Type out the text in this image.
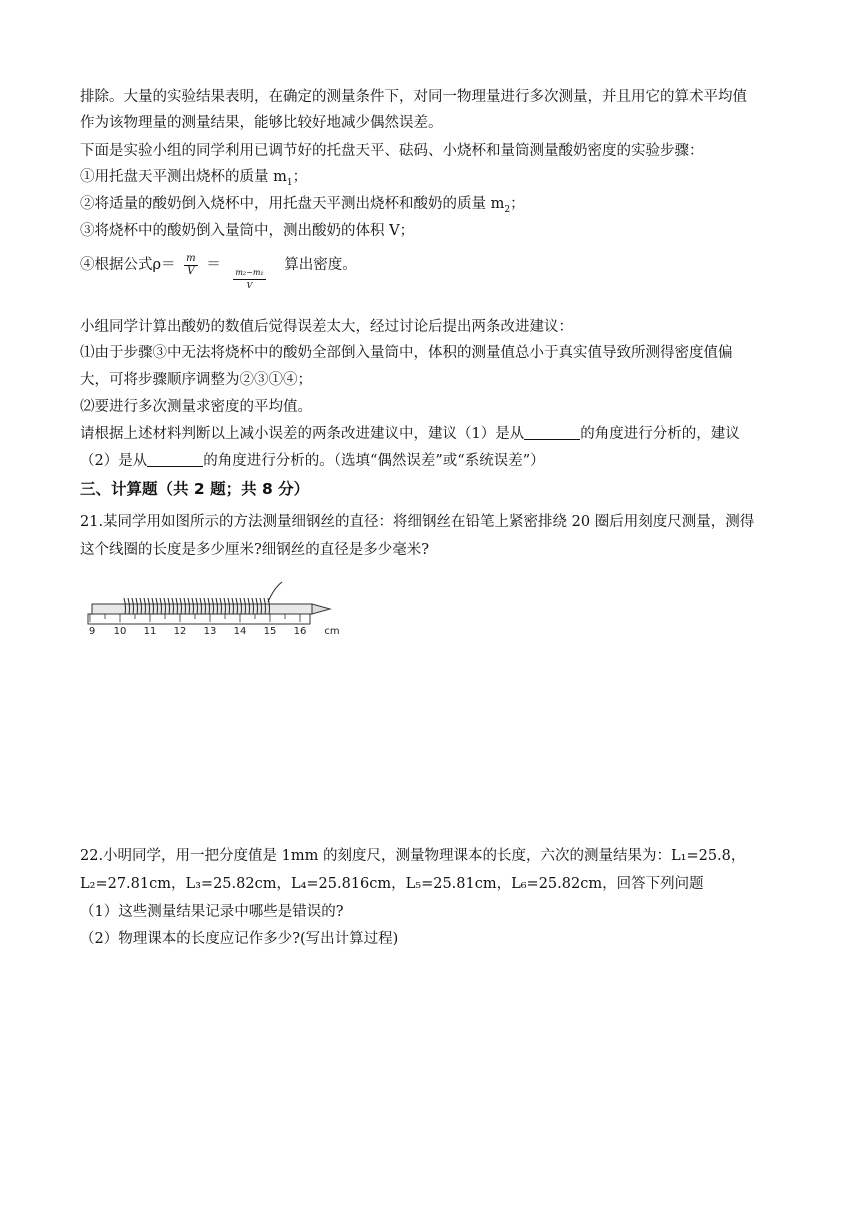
排除。大量的实验结果表明，在确定的测量条件下，对同一物理量进行多次测量，并且用它的算术平均值
作为该物理量的测量结果，能够比较好地减少偶然误差。
下面是实验小组的同学利用已调节好的托盘天平、砝码、小烧杯和量筒测量酸奶密度的实验步骤：
①用托盘天平测出烧杯的质量 $m_1$；
②将适量的酸奶倒入烧杯中，用托盘天平测出烧杯和酸奶的质量 $m_2$；
③将烧杯中的酸奶倒入量筒中，测出酸奶的体积 V；
④根据公式$\rho= \frac{m}{V}$ ＝
$\frac{\text{m₂−m₁}}{V}$
算出密度。
小组同学计算出酸奶的数值后觉得误差太大，经过讨论后提出两条改进建议：
⑴由于步骤③中无法将烧杯中的酸奶全部倒入量筒中，体积的测量值总小于真实值导致所测得密度值偏
大，可将步骤顺序调整为②③①④；
⑵要进行多次测量求密度的平均值。
请根据上述材料判断以上减小误差的两条改进建议中，建议（1）是从	的角度进行分析的，建议
（2）是从	的角度进行分析的。（选填“偶然误差”或“系统误差”）
三、计算题（共 2 题；共 8 分）
21.某同学用如图所示的方法测量细钢丝的直径：将细钢丝在铅笔上紧密排绕 20 圈后用刻度尺测量，测得
这个线圈的长度是多少厘米?细钢丝的直径是多少毫米?
9 10 11 12 13 14 15 16 cm
22.小明同学，用一把分度值是 1mm 的刻度尺，测量物理课本的长度，六次的测量结果为：L₁=25.8，
L₂=27.81cm，L₃=25.82cm，L₄=25.816cm，L₅=25.81cm，L₆=25.82cm，回答下列问题
（1）这些测量结果记录中哪些是错误的?
（2）物理课本的长度应记作多少?(写出计算过程)
